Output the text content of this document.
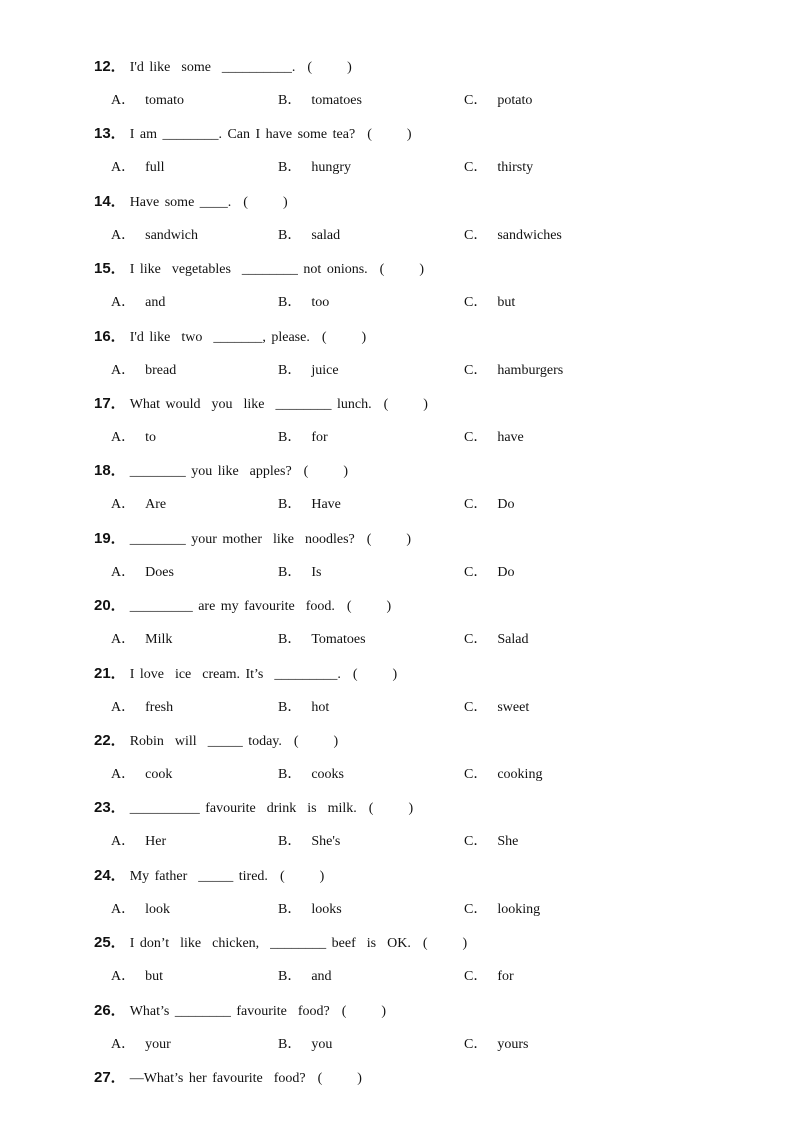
12． I'd like  some  __________. (          )
A． tomato	B． tomatoes	C． potato
13． I am ________. Can I have some tea? (          )
A． full	B． hungry	C． thirsty
14． Have some ____. (          )
A． sandwich	B． salad	C． sandwiches
15． I like  vegetables  ________ not onions. (          )
A． and	B． too	C． but
16． I'd like  two  _______, please. (          )
A． bread	B． juice	C． hamburgers
17． What would  you  like  ________ lunch. (          )
A． to	B． for	C． have
18． ________ you like  apples? (          )
A． Are	B． Have	C． Do
19． ________ your mother  like  noodles? (          )
A． Does	B． Is	C． Do
20． _________ are my favourite  food. (          )
A． Milk	B． Tomatoes	C． Salad
21． I love  ice  cream. It’s  _________. (          )
A． fresh	B． hot	C． sweet
22． Robin  will  _____ today. (          )
A． cook	B． cooks	C． cooking
23． __________ favourite  drink  is  milk. (          )
A． Her	B． She's	C． She
24． My father  _____ tired. (          )
A． look	B． looks	C． looking
25． I don’t  like  chicken,  ________ beef  is  OK. (          )
A． but	B． and	C． for
26． What’s ________ favourite  food? (          )
A． your	B． you	C． yours
27． —What’s her favourite  food? (          )
